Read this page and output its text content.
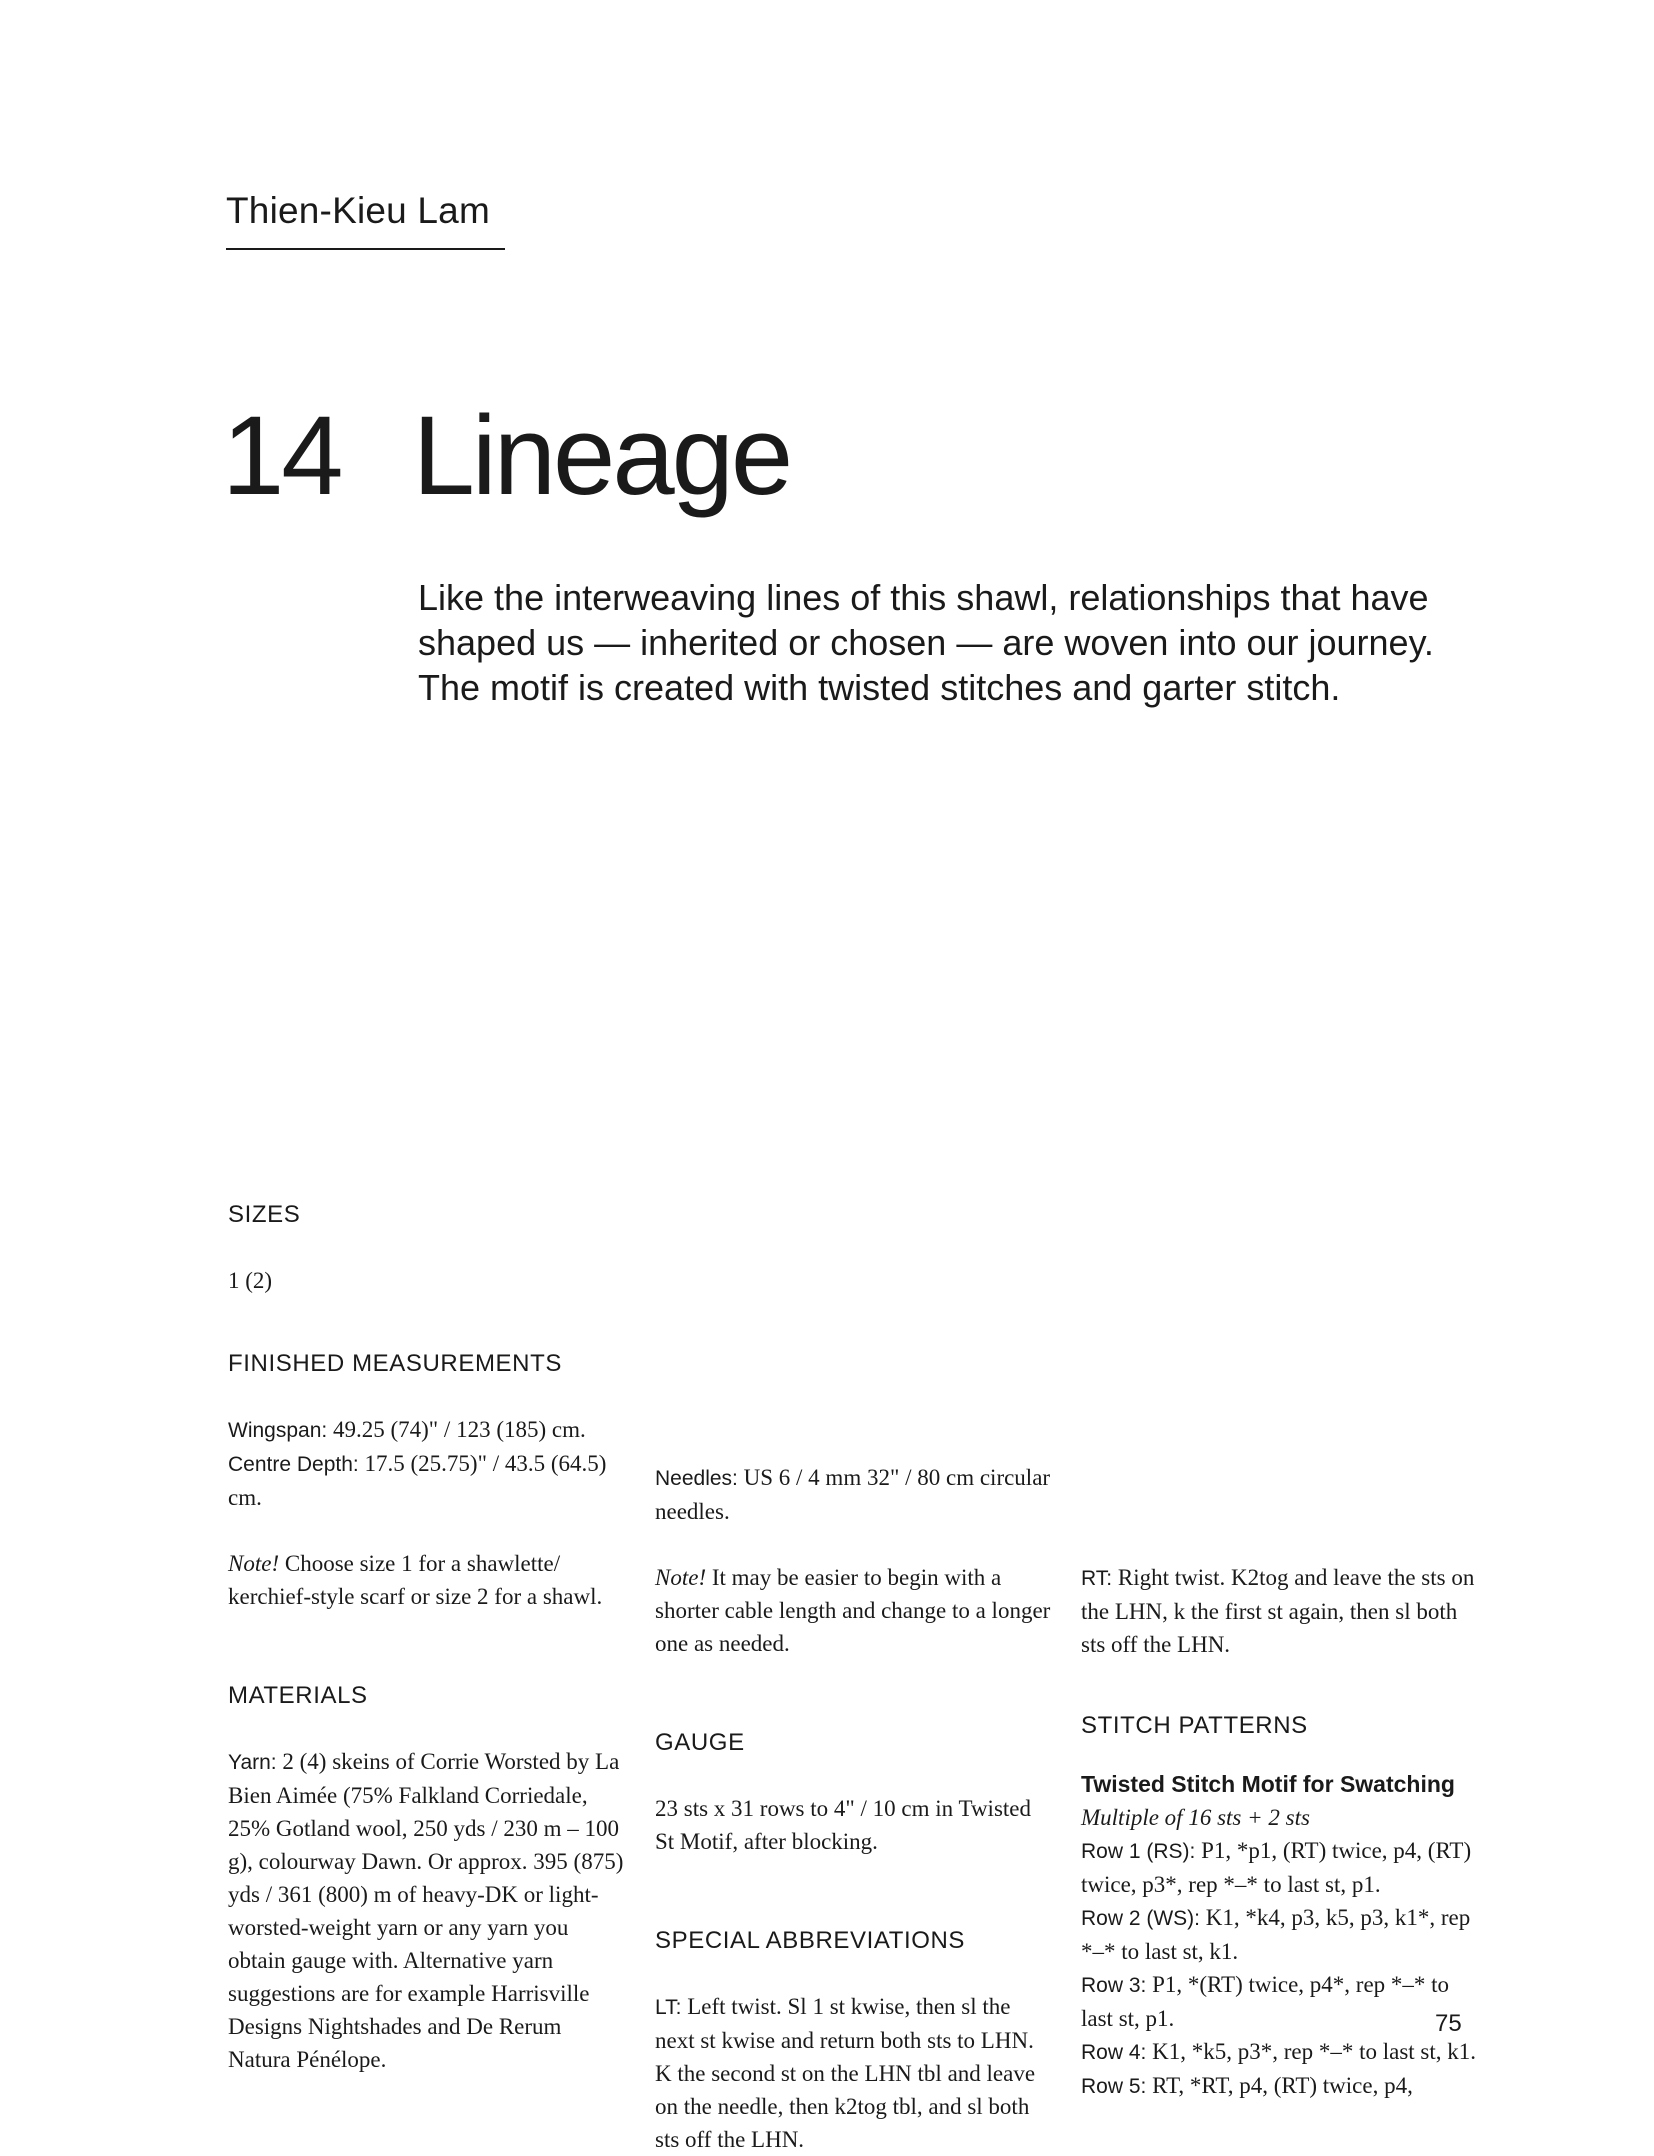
Thien-Kieu Lam
14 Lineage
Like the interweaving lines of this shawl, relationships that have
shaped us — inherited or chosen — are woven into our journey.
The motif is created with twisted stitches and garter stitch.
SIZES

1 (2)

FINISHED MEASUREMENTS

Wingspan: 49.25 (74)" / 123 (185) cm.

Centre Depth: 17.5 (25.75)" / 43.5 (64.5) cm.

Note! Choose size 1 for a shawlette/ kerchief-style scarf or size 2 for a shawl.

MATERIALS

Yarn: 2 (4) skeins of Corrie Worsted by La Bien Aimée (75% Falkland Corriedale, 25% Gotland wool, 250 yds / 230 m – 100 g), colourway Dawn. Or approx. 395 (875) yds / 361 (800) m of heavy-DK or light-worsted-weight yarn or any yarn you obtain gauge with. Alternative yarn suggestions are for example Harrisville Designs Nightshades and De Rerum Natura Pénélope.

Needles: US 6 / 4 mm 32" / 80 cm circular needles.

Note! It may be easier to begin with a shorter cable length and change to a longer one as needed.

GAUGE

23 sts x 31 rows to 4" / 10 cm in Twisted St Motif, after blocking.

SPECIAL ABBREVIATIONS

LT: Left twist. Sl 1 st kwise, then sl the next st kwise and return both sts to LHN. K the second st on the LHN tbl and leave on the needle, then k2tog tbl, and sl both sts off the LHN.

RT: Right twist. K2tog and leave the sts on the LHN, k the first st again, then sl both sts off the LHN.

STITCH PATTERNS
Twisted Stitch Motif for Swatching

Multiple of 16 sts + 2 sts

Row 1 (RS): P1, *p1, (RT) twice, p4, (RT) twice, p3*, rep *–* to last st, p1.

Row 2 (WS): K1, *k4, p3, k5, p3, k1*, rep *–* to last st, k1.

Row 3: P1, *(RT) twice, p4*, rep *–* to last st, p1.

Row 4: K1, *k5, p3*, rep *–* to last st, k1.

Row 5: RT, *RT, p4, (RT) twice, p4,

75
